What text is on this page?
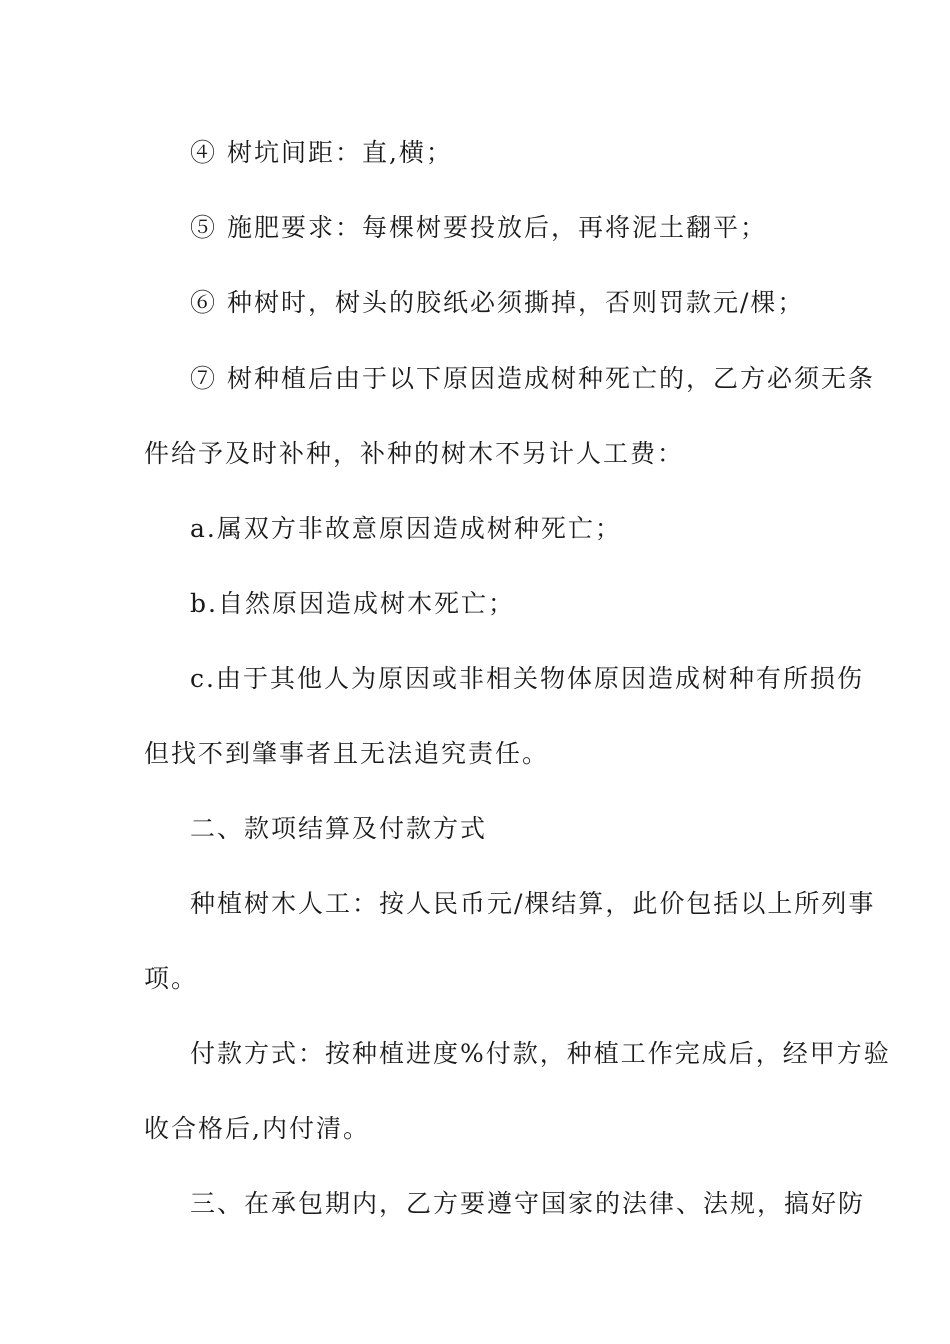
④ 树坑间距：直,横；
⑤ 施肥要求：每棵树要投放后，再将泥土翻平；
⑥ 种树时，树头的胶纸必须撕掉，否则罚款元/棵；
⑦ 树种植后由于以下原因造成树种死亡的，乙方必须无条
件给予及时补种，补种的树木不另计人工费：
a.属双方非故意原因造成树种死亡；
b.自然原因造成树木死亡；
c.由于其他人为原因或非相关物体原因造成树种有所损伤
但找不到肇事者且无法追究责任。
二、款项结算及付款方式
种植树木人工：按人民币元/棵结算，此价包括以上所列事
项。
付款方式：按种植进度%付款，种植工作完成后，经甲方验
收合格后,内付清。
三、在承包期内，乙方要遵守国家的法律、法规，搞好防
